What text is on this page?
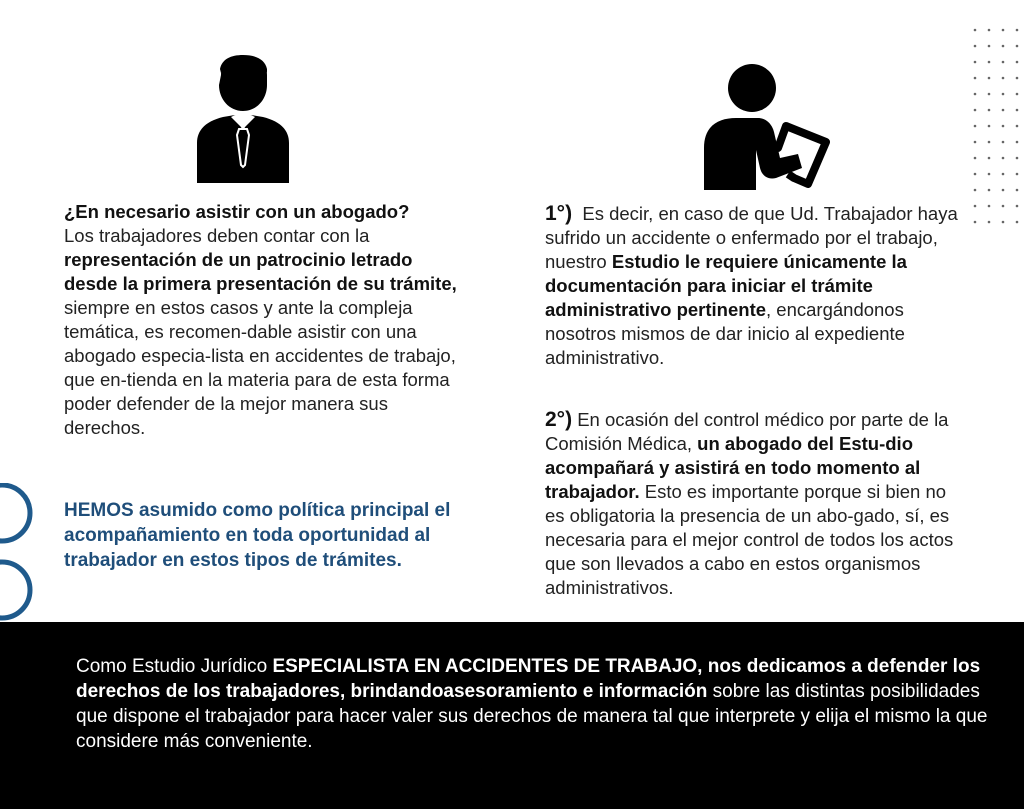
¿En necesario asistir con un abogado?
Los trabajadores deben contar con la representación de un patrocinio letrado desde la primera presentación de su trámite, siempre en estos casos y ante la compleja temática, es recomen-dable asistir con una abogado especia-lista en accidentes de trabajo, que en-tienda en la materia para de esta forma poder defender de la mejor manera sus derechos.

HEMOS asumido como política principal el acompañamiento en toda oportunidad al trabajador en estos tipos de trámites.

1°) Es decir, en caso de que Ud. Trabajador haya sufrido un accidente o enfermado por el trabajo, nuestro Estudio le requiere únicamente la documentación para iniciar el trámite administrativo pertinente, encargándonos nosotros mismos de dar inicio al expediente administrativo.

2°) En ocasión del control médico por parte de la Comisión Médica, un abogado del Estu-dio acompañará y asistirá en todo momento al trabajador. Esto es importante porque si bien no es obligatoria la presencia de un abo-gado, sí, es necesaria para el mejor control de todos los actos que son llevados a cabo en estos organismos administrativos.

Como Estudio Jurídico ESPECIALISTA EN ACCIDENTES DE TRABAJO, nos dedicamos a defender los derechos de los trabajadores, brindandoasesoramiento e información sobre las distintas posibilidades que dispone el trabajador para hacer valer sus derechos de manera tal que interprete y elija el mismo la que considere más conveniente.
